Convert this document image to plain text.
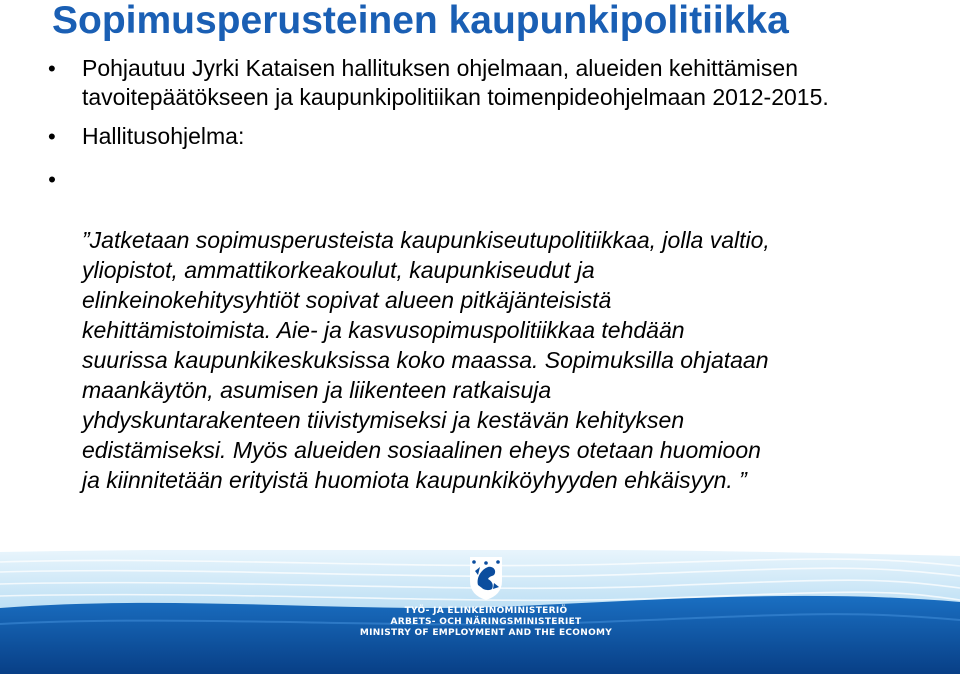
Sopimusperusteinen kaupunkipolitiikka
• Pohjautuu Jyrki Kataisen hallituksen ohjelmaan, alueiden kehittämisen tavoitepäätökseen ja kaupunkipolitiikan toimenpideohjelmaan 2012-2015.
• Hallitusohjelma:

•

”Jatketaan sopimusperusteista kaupunkiseutupolitiikkaa, jolla valtio,
yliopistot, ammattikorkeakoulut, kaupunkiseudut ja
elinkeinokehitysyhtiöt sopivat alueen pitkäjänteisistä
kehittämistoimista. Aie- ja kasvusopimuspolitiikkaa tehdään
suurissa kaupunkikeskuksissa koko maassa. Sopimuksilla ohjataan
maankäytön, asumisen ja liikenteen ratkaisuja
yhdyskuntarakenteen tiivistymiseksi ja kestävän kehityksen
edistämiseksi. Myös alueiden sosiaalinen eheys otetaan huomioon
ja kiinnitetään erityistä huomiota kaupunkiköyhyyden ehkäisyyn. ”

TYÖ- JA ELINKEINOMINISTERIÖ
ARBETS- OCH NÄRINGSMINISTERIET
MINISTRY OF EMPLOYMENT AND THE ECONOMY
